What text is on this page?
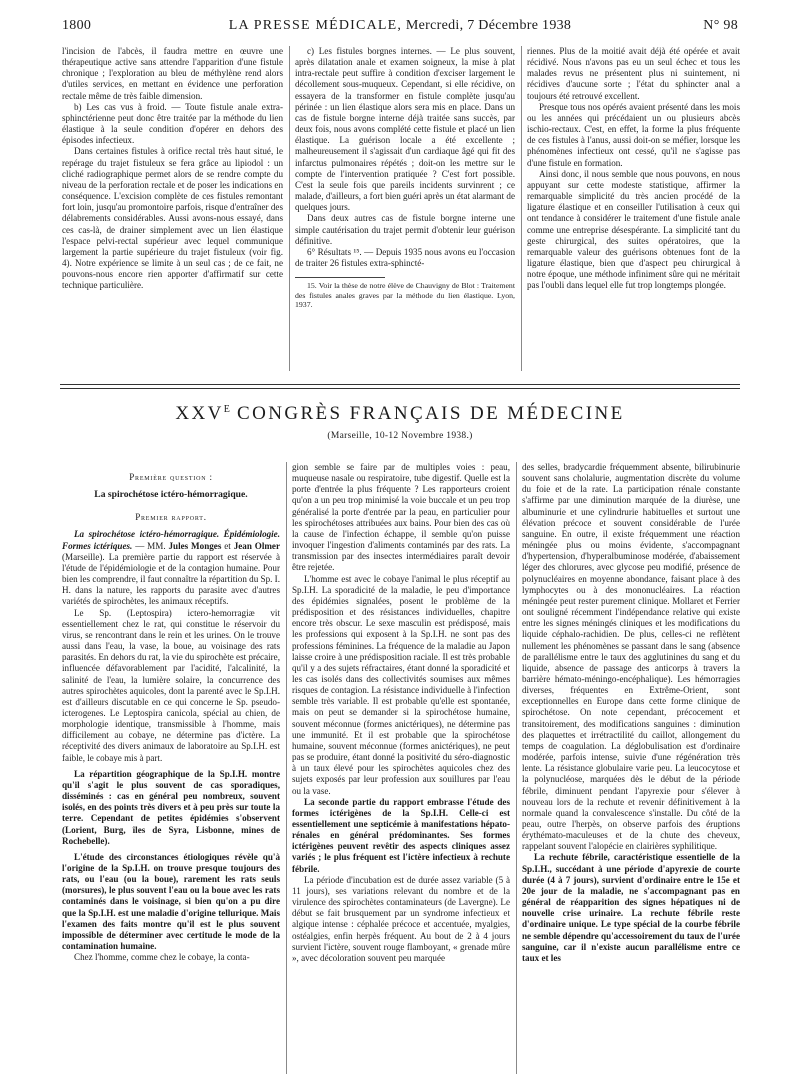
1800	LA PRESSE MÉDICALE, Mercredi, 7 Décembre 1938	N° 98

l'incision de l'abcès, il faudra mettre en œuvre une thérapeutique active sans attendre l'apparition d'une fistule chronique ; l'exploration au bleu de méthylène rend alors d'utiles services, en mettant en évidence une perforation rectale même de très faible dimension.

b) Les cas vus à froid. — Toute fistule anale extra-sphinctérienne peut donc être traitée par la méthode du lien élastique à la seule condition d'opérer en dehors des épisodes infectieux.

Dans certaines fistules à orifice rectal très haut situé, le repérage du trajet fistuleux se fera grâce au lipiodol : un cliché radiographique permet alors de se rendre compte du niveau de la perforation rectale et de poser les indications en conséquence. L'excision complète de ces fistules remontant fort loin, jusqu'au promontoire parfois, risque d'entraîner des délabrements considérables. Aussi avons-nous essayé, dans ces cas-là, de drainer simplement avec un lien élastique l'espace pelvi-rectal supérieur avec lequel communique largement la partie supérieure du trajet fistuleux (voir fig. 4). Notre expérience se limite à un seul cas ; de ce fait, ne pouvons-nous encore rien apporter d'affirmatif sur cette technique particulière.

c) Les fistules borgnes internes. — Le plus souvent, après dilatation anale et examen soigneux, la mise à plat intra-rectale peut suffire à condition d'exciser largement le décollement sous-muqueux. Cependant, si elle récidive, on essayera de la transformer en fistule complète jusqu'au périnée : un lien élastique alors sera mis en place. Dans un cas de fistule borgne interne déjà traitée sans succès, par deux fois, nous avons complété cette fistule et placé un lien élastique. La guérison locale a été excellente ; malheureusement il s'agissait d'un cardiaque âgé qui fit des infarctus pulmonaires répétés ; doit-on les mettre sur le compte de l'intervention pratiquée ? C'est fort possible. C'est la seule fois que pareils incidents survinrent ; ce malade, d'ailleurs, a fort bien guéri après un état alarmant de quelques jours.

Dans deux autres cas de fistule borgne interne une simple cautérisation du trajet permit d'obtenir leur guérison définitive.

6° Résultats ¹⁵. — Depuis 1935 nous avons eu l'occasion de traiter 26 fistules extra-sphincté-

15. Voir la thèse de notre élève de Chauvigny de Blot : Traitement des fistules anales graves par la méthode du lien élastique. Lyon, 1937.

riennes. Plus de la moitié avait déjà été opérée et avait récidivé. Nous n'avons pas eu un seul échec et tous les malades revus ne présentent plus ni suintement, ni récidives d'aucune sorte ; l'état du sphincter anal a toujours été retrouvé excellent.

Presque tous nos opérés avaient présenté dans les mois ou les années qui précédaient un ou plusieurs abcès ischio-rectaux. C'est, en effet, la forme la plus fréquente de ces fistules à l'anus, aussi doit-on se méfier, lorsque les phénomènes infectieux ont cessé, qu'il ne s'agisse pas d'une fistule en formation.

Ainsi donc, il nous semble que nous pouvons, en nous appuyant sur cette modeste statistique, affirmer la remarquable simplicité du très ancien procédé de la ligature élastique et en conseiller l'utilisation à ceux qui ont tendance à considérer le traitement d'une fistule anale comme une entreprise désespérante. La simplicité tant du geste chirurgical, des suites opératoires, que la remarquable valeur des guérisons obtenues font de la ligature élastique, bien que d'aspect peu chirurgical à notre époque, une méthode infiniment sûre qui ne méritait pas l'oubli dans lequel elle fut trop longtemps plongée.

$XXV^E$ CONGRÈS FRANÇAIS DE MÉDECINE
(Marseille, 10-12 Novembre 1938.)

Première question :

La spirochétose ictéro-hémorragique.

Premier rapport.

La spirochétose ictéro-hémorragique. Épidémiologie. Formes ictériques. — MM. Jules Monges et Jean Olmer (Marseille). La première partie du rapport est réservée à l'étude de l'épidémiologie et de la contagion humaine. Pour bien les comprendre, il faut connaître la répartition du Sp. I. H. dans la nature, les rapports du parasite avec d'autres variétés de spirochètes, les animaux réceptifs.

Le Sp. (Leptospira) ictero-hemorragiæ vit essentiellement chez le rat, qui constitue le réservoir du virus, se rencontrant dans le rein et les urines. On le trouve aussi dans l'eau, la vase, la boue, au voisinage des rats parasités. En dehors du rat, la vie du spirochète est précaire, influencée défavorablement par l'acidité, l'alcalinité, la salinité de l'eau, la lumière solaire, la concurrence des autres spirochètes aquicoles, dont la parenté avec le Sp.I.H. est d'ailleurs discutable en ce qui concerne le Sp. pseudo-icterogenes. Le Leptospira canicola, spécial au chien, de morphologie identique, transmissible à l'homme, mais difficilement au cobaye, ne détermine pas d'ictère. La réceptivité des divers animaux de laboratoire au Sp.I.H. est faible, le cobaye mis à part.

La répartition géographique de la Sp.I.H. montre qu'il s'agit le plus souvent de cas sporadiques, disséminés : cas en général peu nombreux, souvent isolés, en des points très divers et à peu près sur toute la terre. Cependant de petites épidémies s'observent (Lorient, Burg, îles de Syra, Lisbonne, mines de Rochebelle).

L'étude des circonstances étiologiques révèle qu'à l'origine de la Sp.I.H. on trouve presque toujours des rats, ou l'eau (ou la boue), rarement les rats seuls (morsures), le plus souvent l'eau ou la boue avec les rats contaminés dans le voisinage, si bien qu'on a pu dire que la Sp.I.H. est une maladie d'origine tellurique. Mais l'examen des faits montre qu'il est le plus souvent impossible de déterminer avec certitude le mode de la contamination humaine.

Chez l'homme, comme chez le cobaye, la conta-

gion semble se faire par de multiples voies : peau, muqueuse nasale ou respiratoire, tube digestif. Quelle est la porte d'entrée la plus fréquente ? Les rapporteurs croient qu'on a un peu trop minimisé la voie buccale et un peu trop généralisé la porte d'entrée par la peau, en particulier pour les spirochétoses attribuées aux bains. Pour bien des cas où la cause de l'infection échappe, il semble qu'on puisse invoquer l'ingestion d'aliments contaminés par des rats. La transmission par des insectes intermédiaires paraît devoir être rejetée.

L'homme est avec le cobaye l'animal le plus réceptif au Sp.I.H. La sporadicité de la maladie, le peu d'importance des épidémies signalées, posent le problème de la prédisposition et des résistances individuelles, chapitre encore très obscur. Le sexe masculin est prédisposé, mais les professions qui exposent à la Sp.I.H. ne sont pas des professions féminines. La fréquence de la maladie au Japon laisse croire à une prédisposition raciale. Il est très probable qu'il y a des sujets réfractaires, étant donné la sporadicité et les cas isolés dans des collectivités soumises aux mêmes risques de contagion. La résistance individuelle à l'infection semble très variable. Il est probable qu'elle est spontanée, mais on peut se demander si la spirochétose humaine, souvent méconnue (formes anictériques), ne détermine pas une immunité. Et il est probable que la spirochétose humaine, souvent méconnue (formes anictériques), ne peut pas se produire, étant donné la positivité du séro-diagnostic à un taux élevé pour les spirochètes aquicoles chez des sujets exposés par leur profession aux souillures par l'eau ou la vase.

La seconde partie du rapport embrasse l'étude des formes ictérigènes de la Sp.I.H. Celle-ci est essentiellement une septicémie à manifestations hépato-rénales en général prédominantes. Ses formes ictérigènes peuvent revêtir des aspects cliniques assez variés ; le plus fréquent est l'ictère infectieux à rechute fébrile.

La période d'incubation est de durée assez variable (5 à 11 jours), ses variations relevant du nombre et de la virulence des spirochètes contaminateurs (de Lavergne). Le début se fait brusquement par un syndrome infectieux et algique intense : céphalée précoce et accentuée, myalgies, ostéalgies, enfin herpès fréquent. Au bout de 2 à 4 jours survient l'ictère, souvent rouge flamboyant, « grenade mûre », avec décoloration souvent peu marquée

des selles, bradycardie fréquemment absente, bilirubinurie souvent sans cholalurie, augmentation discrète du volume du foie et de la rate. La participation rénale constante s'affirme par une diminution marquée de la diurèse, une albuminurie et une cylindrurie habituelles et surtout une élévation précoce et souvent considérable de l'urée sanguine. En outre, il existe fréquemment une réaction méningée plus ou moins évidente, s'accompagnant d'hypertension, d'hyperalbuminose modérée, d'abaissement léger des chlorures, avec glycose peu modifié, présence de polynucléaires en moyenne abondance, faisant place à des lymphocytes ou à des mononucléaires. La réaction méningée peut rester purement clinique. Mollaret et Ferrier ont souligné récemment l'indépendance relative qui existe entre les signes méningés cliniques et les modifications du liquide céphalo-rachidien. De plus, celles-ci ne reflètent nullement les phénomènes se passant dans le sang (absence de parallélisme entre le taux des agglutinines du sang et du liquide, absence de passage des anticorps à travers la barrière hémato-méningo-encéphalique). Les hémorragies diverses, fréquentes en Extrême-Orient, sont exceptionnelles en Europe dans cette forme clinique de spirochétose. On note cependant, précocement et transitoirement, des modifications sanguines : diminution des plaquettes et irrétractilité du caillot, allongement du temps de coagulation. La déglobulisation est d'ordinaire modérée, parfois intense, suivie d'une régénération très lente. La résistance globulaire varie peu. La leucocytose et la polynucléose, marquées dès le début de la période fébrile, diminuent pendant l'apyrexie pour s'élever à nouveau lors de la rechute et revenir définitivement à la normale quand la convalescence s'installe. Du côté de la peau, outre l'herpès, on observe parfois des éruptions érythémato-maculeuses et de la chute des cheveux, rappelant souvent l'alopécie en clairières syphilitique.

La rechute fébrile, caractéristique essentielle de la Sp.I.H., succédant à une période d'apyrexie de courte durée (4 à 7 jours), survient d'ordinaire entre le 15e et 20e jour de la maladie, ne s'accompagnant pas en général de réapparition des signes hépatiques ni de nouvelle crise urinaire. La rechute fébrile reste d'ordinaire unique. Le type spécial de la courbe fébrile ne semble dépendre qu'accessoirement du taux de l'urée sanguine, car il n'existe aucun parallélisme entre ce taux et les
